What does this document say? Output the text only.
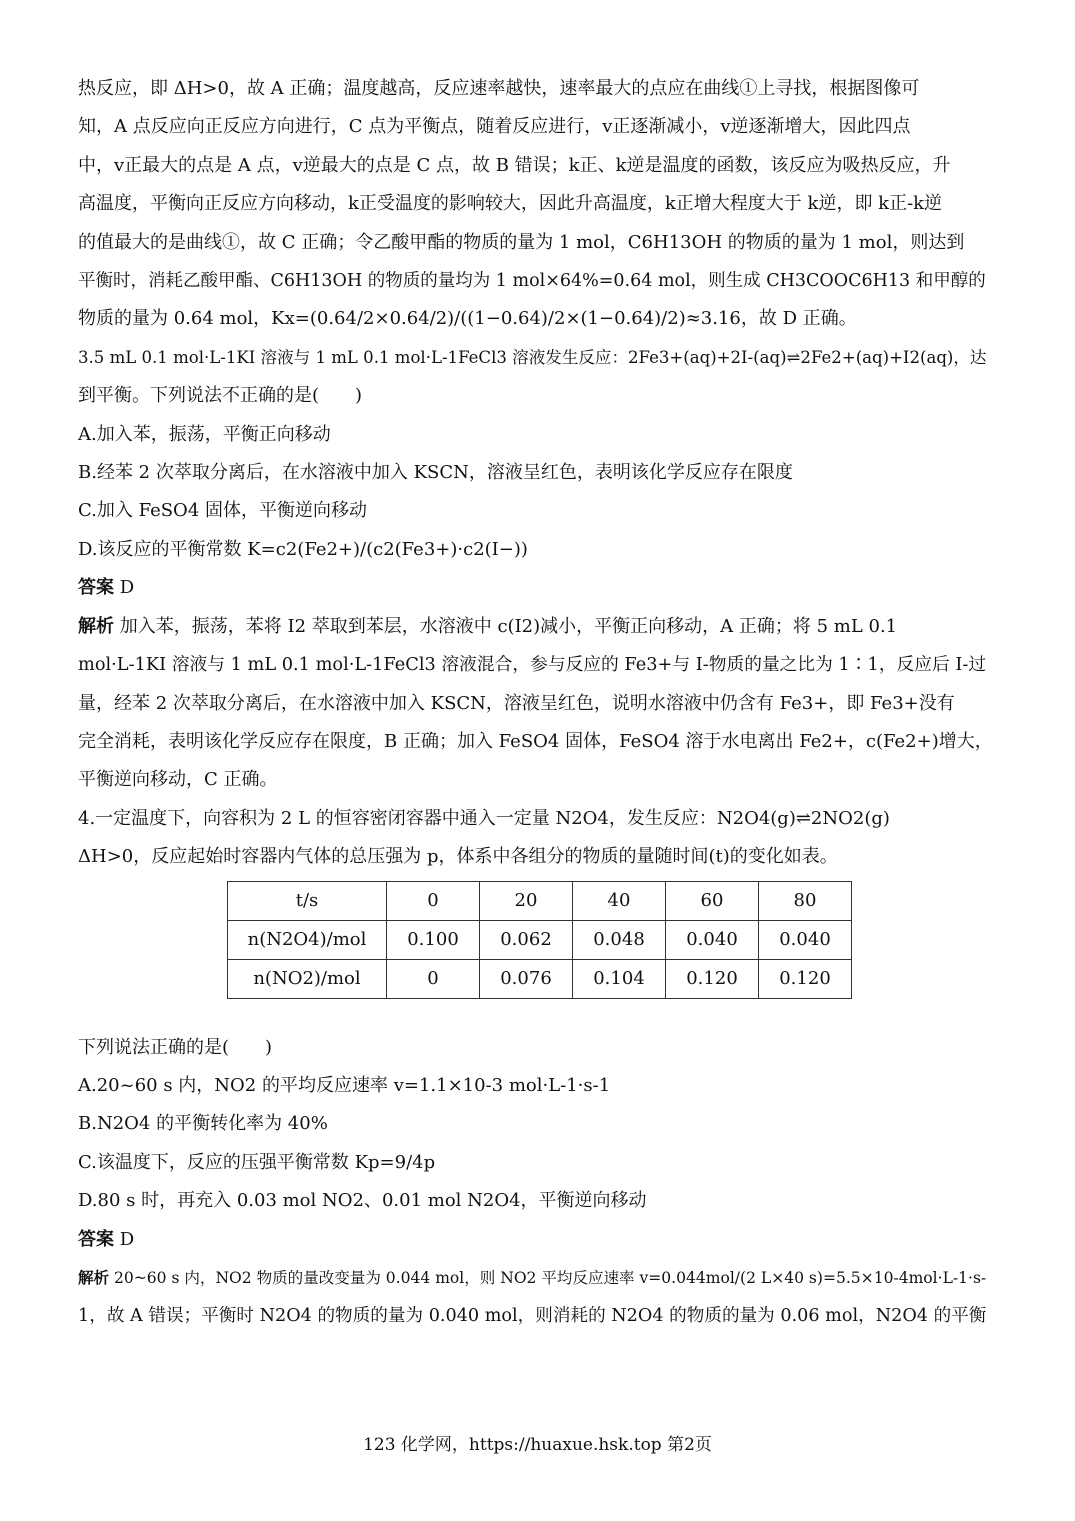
热反应，即 ΔH>0，故 A 正确；温度越高，反应速率越快，速率最大的点应在曲线①上寻找，根据图像可
知，A 点反应向正反应方向进行，C 点为平衡点，随着反应进行，v正逐渐减小，v逆逐渐增大，因此四点
中，v正最大的点是 A 点，v逆最大的点是 C 点，故 B 错误；k正、k逆是温度的函数，该反应为吸热反应，升
高温度，平衡向正反应方向移动，k正受温度的影响较大，因此升高温度，k正增大程度大于 k逆，即 k正-k逆
的值最大的是曲线①，故 C 正确；令乙酸甲酯的物质的量为 1 mol，C6H13OH 的物质的量为 1 mol，则达到
平衡时，消耗乙酸甲酯、C6H13OH 的物质的量均为 1 mol×64%=0.64 mol，则生成 CH3COOC6H13 和甲醇的
物质的量为 0.64 mol，Kx=(0.64/2×0.64/2)/((1−0.64)/2×(1−0.64)/2)≈3.16，故 D 正确。
3.5 mL 0.1 mol·L-1KI 溶液与 1 mL 0.1 mol·L-1FeCl3 溶液发生反应：2Fe3+(aq)+2I-(aq)⇌2Fe2+(aq)+I2(aq)，达
到平衡。下列说法不正确的是(　　)
A.加入苯，振荡，平衡正向移动
B.经苯 2 次萃取分离后，在水溶液中加入 KSCN，溶液呈红色，表明该化学反应存在限度
C.加入 FeSO4 固体，平衡逆向移动
D.该反应的平衡常数 K=c2(Fe2+)/(c2(Fe3+)·c2(I−))
答案 D
解析 加入苯，振荡，苯将 I2 萃取到苯层，水溶液中 c(I2)减小，平衡正向移动，A 正确；将 5 mL 0.1
mol·L-1KI 溶液与 1 mL 0.1 mol·L-1FeCl3 溶液混合，参与反应的 Fe3+与 I-物质的量之比为 1∶1，反应后 I-过
量，经苯 2 次萃取分离后，在水溶液中加入 KSCN，溶液呈红色，说明水溶液中仍含有 Fe3+，即 Fe3+没有
完全消耗，表明该化学反应存在限度，B 正确；加入 FeSO4 固体，FeSO4 溶于水电离出 Fe2+，c(Fe2+)增大，
平衡逆向移动，C 正确。
4.一定温度下，向容积为 2 L 的恒容密闭容器中通入一定量 N2O4，发生反应：N2O4(g)⇌2NO2(g)
ΔH>0，反应起始时容器内气体的总压强为 p，体系中各组分的物质的量随时间(t)的变化如表。
t/s	0	20	40	60	80
n(N2O4)/mol	0.100	0.062	0.048	0.040	0.040
n(NO2)/mol	0	0.076	0.104	0.120	0.120
下列说法正确的是(　　)
A.20~60 s 内，NO2 的平均反应速率 v=1.1×10-3 mol·L-1·s-1
B.N2O4 的平衡转化率为 40%
C.该温度下，反应的压强平衡常数 Kp=9/4p
D.80 s 时，再充入 0.03 mol NO2、0.01 mol N2O4，平衡逆向移动
答案 D
解析 20~60 s 内，NO2 物质的量改变量为 0.044 mol，则 NO2 平均反应速率 v=0.044mol/(2 L×40 s)=5.5×10-4mol·L-1·s-
1，故 A 错误；平衡时 N2O4 的物质的量为 0.040 mol，则消耗的 N2O4 的物质的量为 0.06 mol，N2O4 的平衡
123 化学网，https://huaxue.hsk.top 第2页
